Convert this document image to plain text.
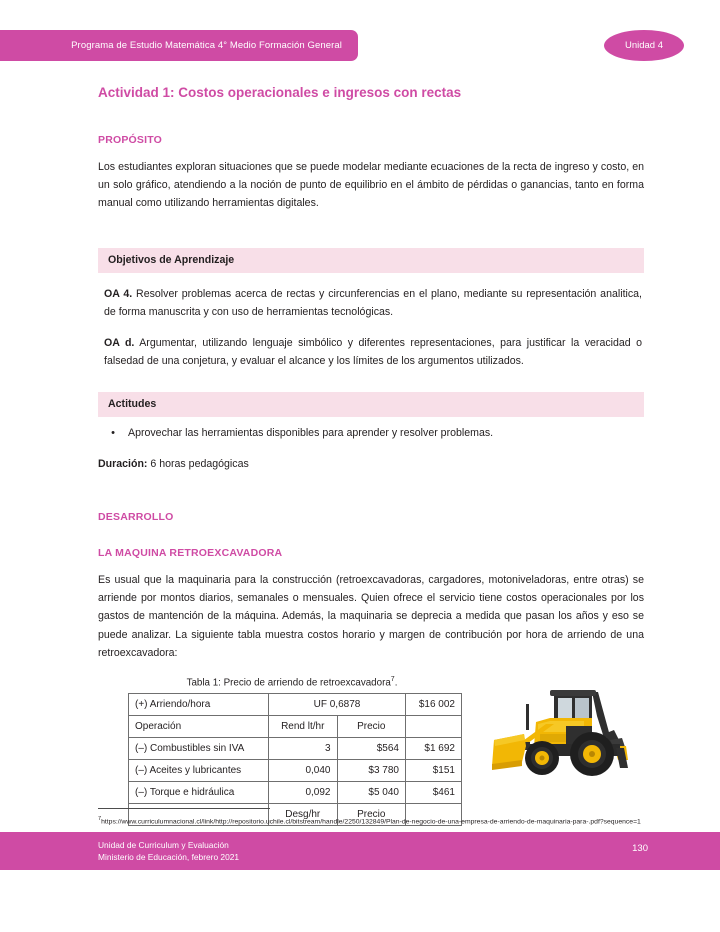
Programa de Estudio Matemática 4° Medio Formación General	Unidad 4
Actividad 1: Costos operacionales e ingresos con rectas
PROPÓSITO

Los estudiantes exploran situaciones que se puede modelar mediante ecuaciones de la recta de ingreso y costo, en un solo gráfico, atendiendo a la noción de punto de equilibrio en el ámbito de pérdidas o ganancias, tanto en forma manual como utilizando herramientas digitales.

Objetivos de Aprendizaje

OA 4. Resolver problemas acerca de rectas y circunferencias en el plano, mediante su representación analitica, de forma manuscrita y con uso de herramientas tecnológicas.

OA d. Argumentar, utilizando lenguaje simbólico y diferentes representaciones, para justificar la veracidad o falsedad de una conjetura, y evaluar el alcance y los límites de los argumentos utilizados.

Actitudes
•	Aprovechar las herramientas disponibles para aprender y resolver problemas.

Duración: 6 horas pedagógicas

DESARROLLO
LA MAQUINA RETROEXCAVADORA

Es usual que la maquinaria para la construcción (retroexcavadoras, cargadores, motoniveladoras, entre otras) se arriende por montos diarios, semanales o mensuales. Quien ofrece el servicio tiene costos operacionales por los gastos de mantención de la máquina. Además, la maquinaria se deprecia a medida que pasan los años y eso se puede analizar. La siguiente tabla muestra costos horario y margen de contribución por hora de arriendo de una retroexcavadora:

Tabla 1: Precio de arriendo de retroexcavadora$^7$.
(+) Arriendo/hora	UF 0,6878		$16 002
Operación	Rend lt/hr	Precio	
(–) Combustibles sin IVA	3	$564	$1 692
(–) Aceites y lubricantes	0,040	$3 780	$151
(–) Torque e hidráulica	0,092	$5 040	$461
	Desg/hr	Precio	
$^7$https://www.curriculumnacional.cl/link/http://repositorio.uchile.cl/bitstream/handle/2250/132849/Plan-de-negocio-de-una-empresa-de-arriendo-de-maquinaria-para-.pdf?sequence=1
Unidad de Curriculum y Evaluación
Ministerio de Educación, febrero 2021
130
